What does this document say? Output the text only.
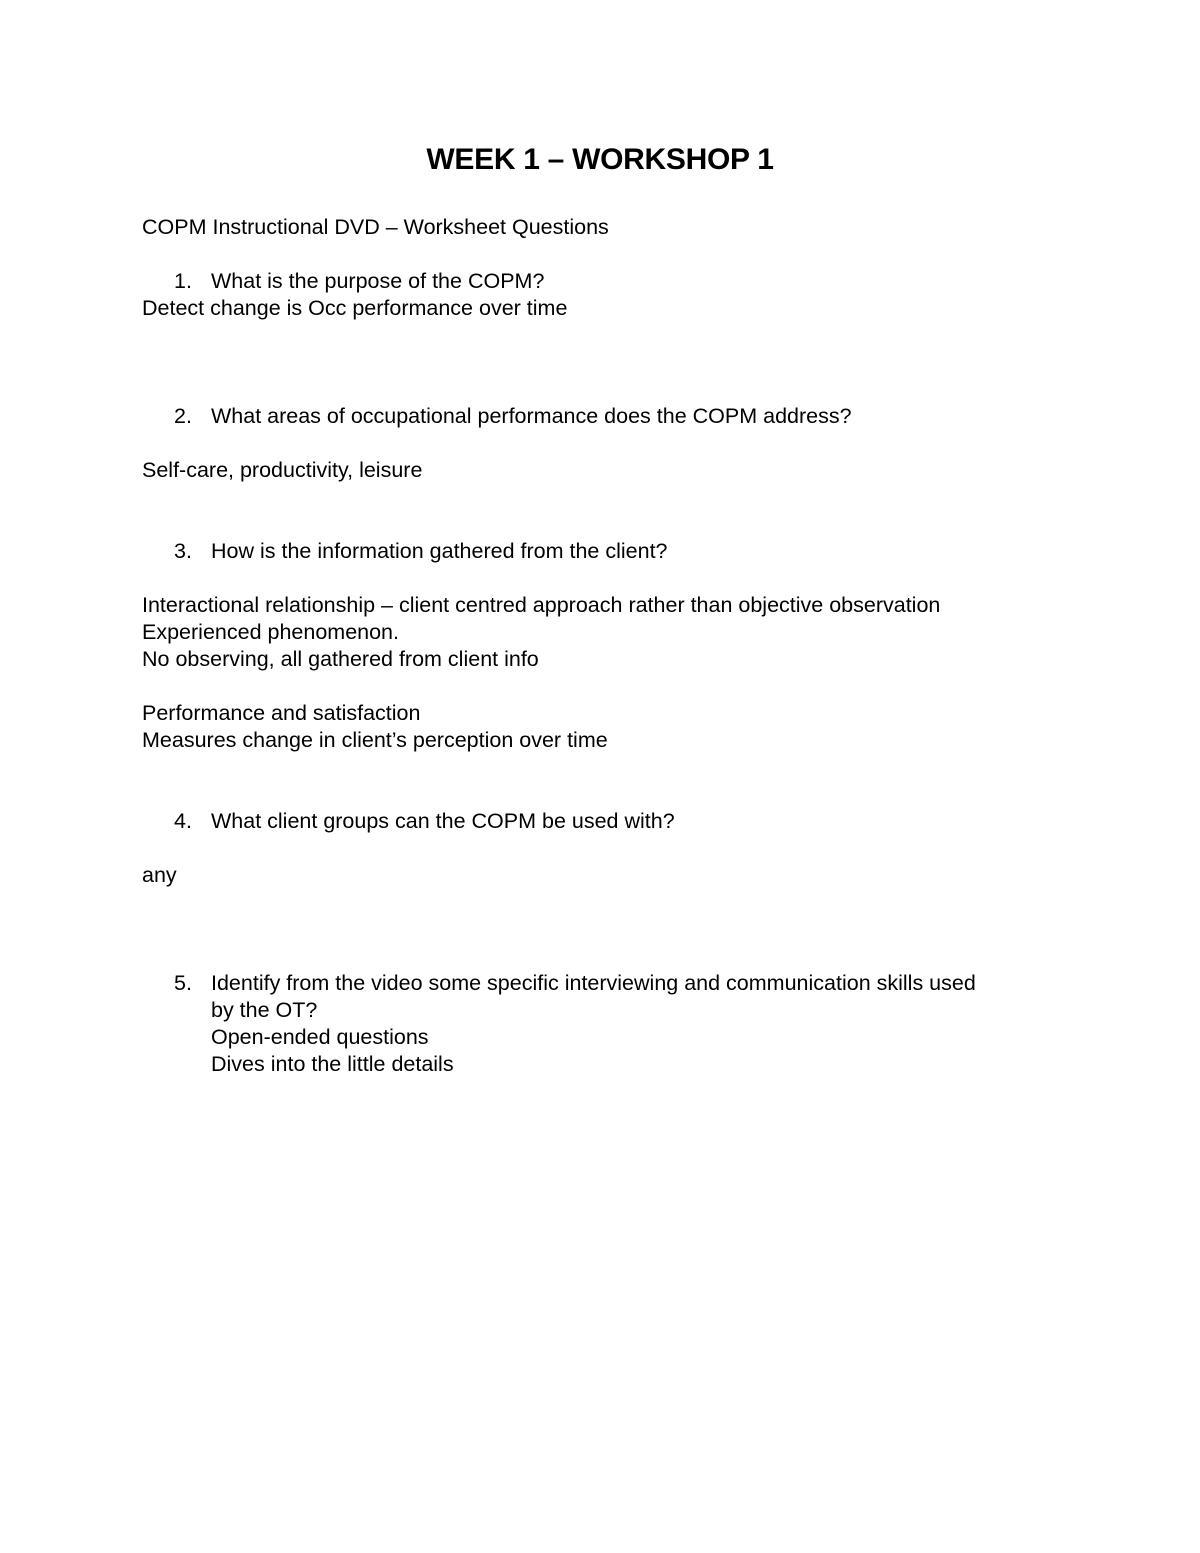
WEEK 1 – WORKSHOP 1
COPM Instructional DVD – Worksheet Questions
1. What is the purpose of the COPM?
Detect change is Occ performance over time
2. What areas of occupational performance does the COPM address?
Self-care, productivity, leisure
3. How is the information gathered from the client?
Interactional relationship – client centred approach rather than objective observation
Experienced phenomenon.
No observing, all gathered from client info
Performance and satisfaction
Measures change in client’s perception over time
4. What client groups can the COPM be used with?
any
5. Identify from the video some specific interviewing and communication skills used
by the OT?
Open-ended questions
Dives into the little details
